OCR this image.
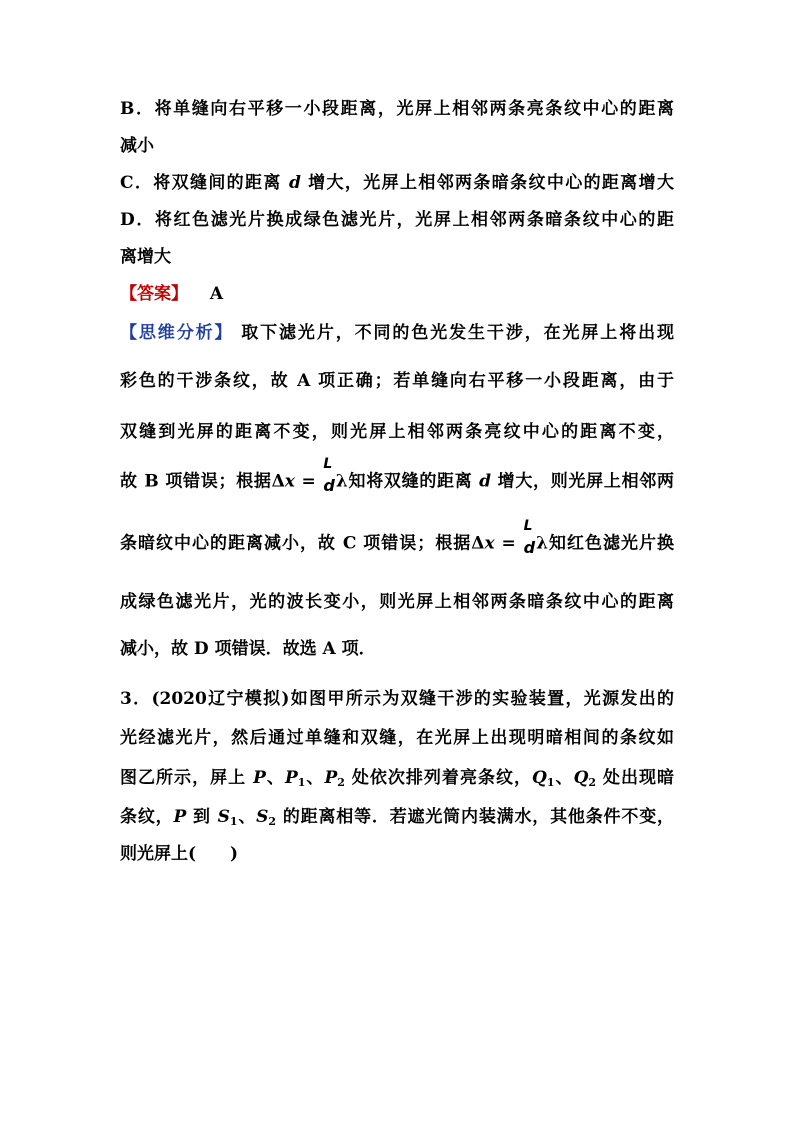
B．将单缝向右平移一小段距离，光屏上相邻两条亮条纹中心的距离
减小
C．将双缝间的距离 d 增大，光屏上相邻两条暗条纹中心的距离增大
D．将红色滤光片换成绿色滤光片，光屏上相邻两条暗条纹中心的距
离增大
【答案】 A
【思维分析】 取下滤光片，不同的色光发生干涉，在光屏上将出现
彩色的干涉条纹，故 A 项正确；若单缝向右平移一小段距离，由于
双缝到光屏的距离不变，则光屏上相邻两条亮纹中心的距离不变，
故 B 项错误；根据Δx =
L
d λ知将双缝的距离 d 增大，则光屏上相邻两
条暗纹中心的距离减小，故 C 项错误；根据Δx =
L
d λ知红色滤光片换
成绿色滤光片，光的波长变小，则光屏上相邻两条暗条纹中心的距离
减小，故 D 项错误．故选 A 项．
3．(2020辽宁模拟)如图甲所示为双缝干涉的实验装置，光源发出的
光经滤光片，然后通过单缝和双缝，在光屏上出现明暗相间的条纹如
图乙所示，屏上 P、$P_1$、$P_2$ 处依次排列着亮条纹，$Q_1$、$Q_2$ 处出现暗
条纹，P 到 $S_1$、$S_2$ 的距离相等．若遮光筒内装满水，其他条件不变，
则光屏上(　　)
